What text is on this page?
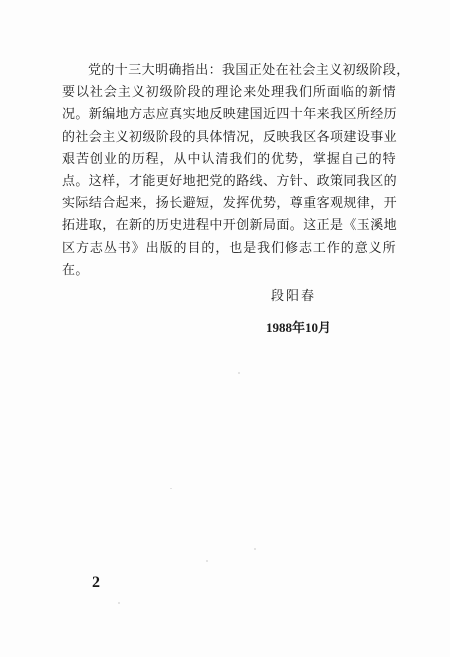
党的十三大明确指出：我国正处在社会主义初级阶段，
要以社会主义初级阶段的理论来处理我们所面临的新情
况。新编地方志应真实地反映建国近四十年来我区所经历
的社会主义初级阶段的具体情况，反映我区各项建设事业
艰苦创业的历程，从中认清我们的优势，掌握自己的特
点。这样，才能更好地把党的路线、方针、政策同我区的
实际结合起来，扬长避短，发挥优势，尊重客观规律，开
拓进取，在新的历史进程中开创新局面。这正是《玉溪地
区方志丛书》出版的目的，也是我们修志工作的意义所
在。
段阳春
1988年10月
2
